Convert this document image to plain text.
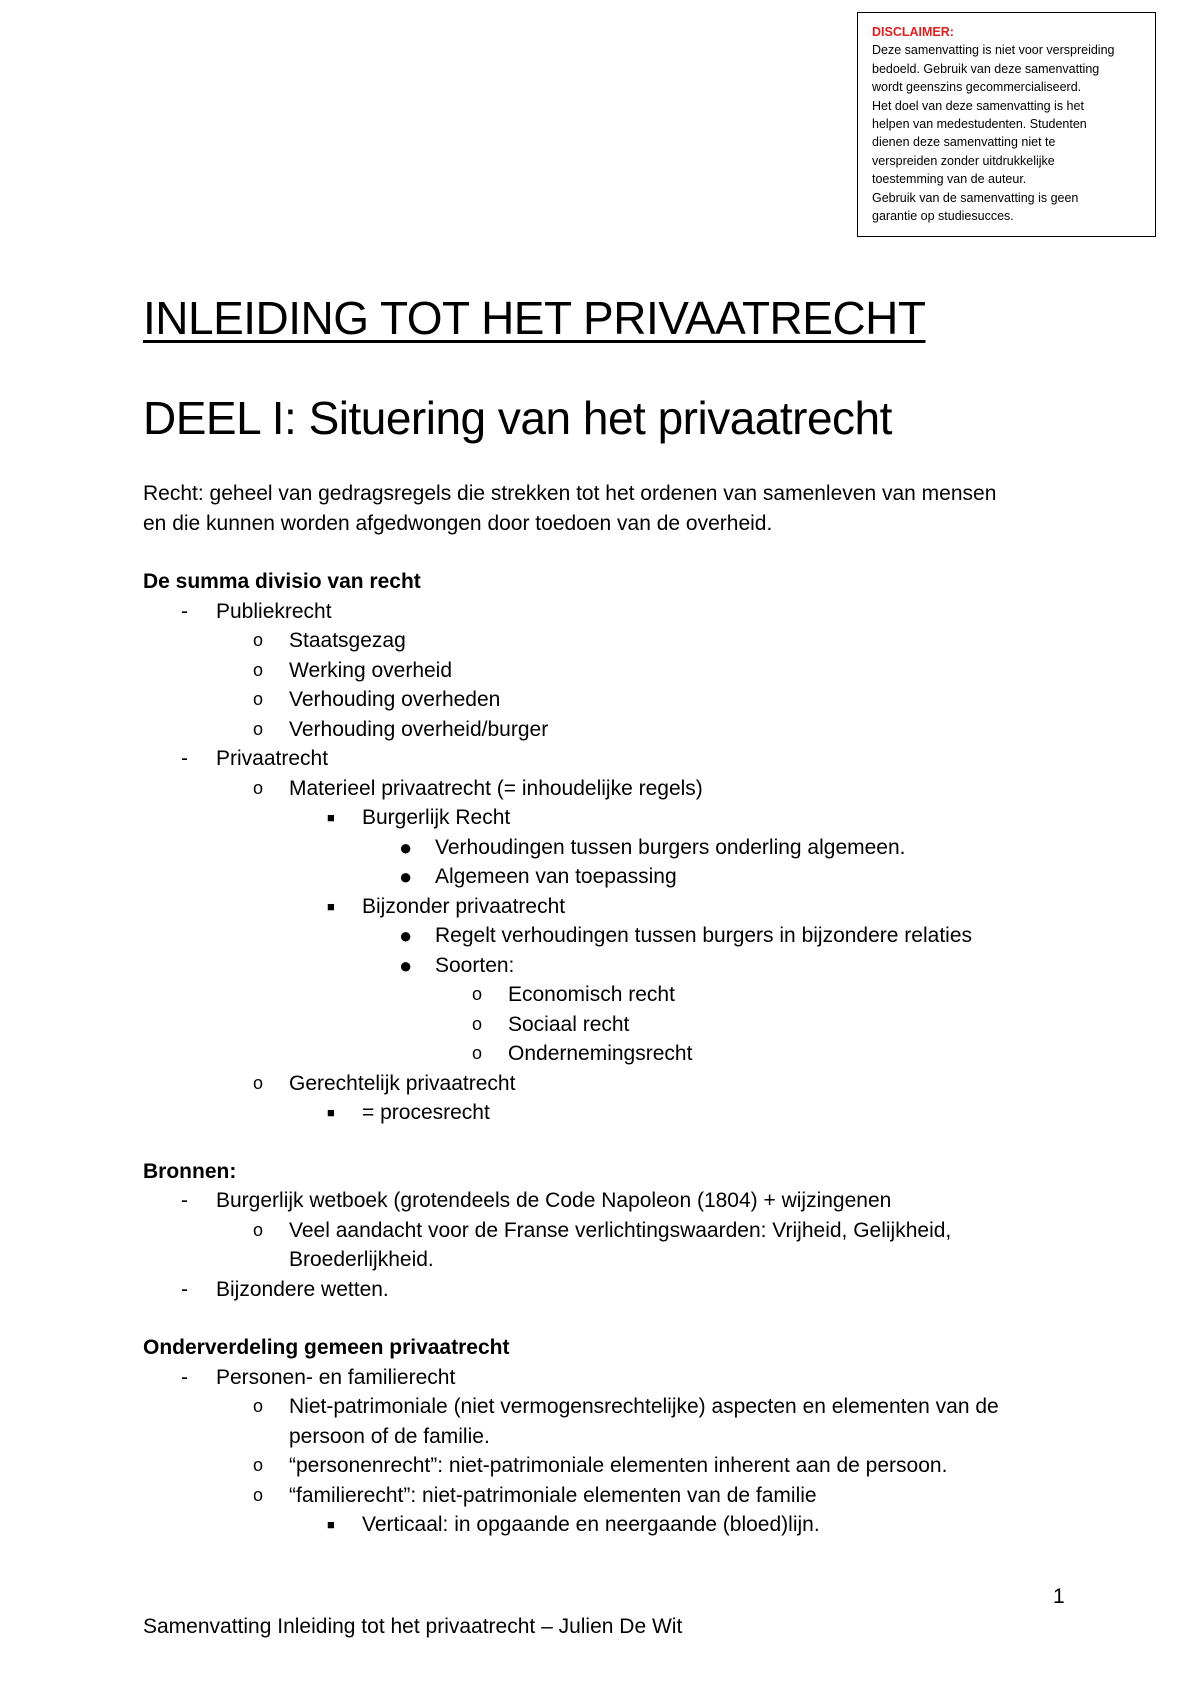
DISCLAIMER:
Deze samenvatting is niet voor verspreiding
bedoeld. Gebruik van deze samenvatting
wordt geenszins gecommercialiseerd.
Het doel van deze samenvatting is het
helpen van medestudenten. Studenten
dienen deze samenvatting niet te
verspreiden zonder uitdrukkelijke
toestemming van de auteur.
Gebruik van de samenvatting is geen
garantie op studiesucces.
INLEIDING TOT HET PRIVAATRECHT
DEEL I: Situering van het privaatrecht
Recht: geheel van gedragsregels die strekken tot het ordenen van samenleven van mensen
en die kunnen worden afgedwongen door toedoen van de overheid.
De summa divisio van recht
- Publiekrecht
o Staatsgezag
o Werking overheid
o Verhouding overheden
o Verhouding overheid/burger
- Privaatrecht
o Materieel privaatrecht (= inhoudelijke regels)
■ Burgerlijk Recht
● Verhoudingen tussen burgers onderling algemeen.
● Algemeen van toepassing
■ Bijzonder privaatrecht
● Regelt verhoudingen tussen burgers in bijzondere relaties
● Soorten:
o Economisch recht
o Sociaal recht
o Ondernemingsrecht
o Gerechtelijk privaatrecht
■ = procesrecht
Bronnen:
- Burgerlijk wetboek (grotendeels de Code Napoleon (1804) + wijzingenen
o Veel aandacht voor de Franse verlichtingswaarden: Vrijheid, Gelijkheid,
Broederlijkheid.
- Bijzondere wetten.
Onderverdeling gemeen privaatrecht
- Personen- en familierecht
o Niet-patrimoniale (niet vermogensrechtelijke) aspecten en elementen van de
persoon of de familie.
o “personenrecht”: niet-patrimoniale elementen inherent aan de persoon.
o “familierecht”: niet-patrimoniale elementen van de familie
■ Verticaal: in opgaande en neergaande (bloed)lijn.
1
Samenvatting Inleiding tot het privaatrecht – Julien De Wit
